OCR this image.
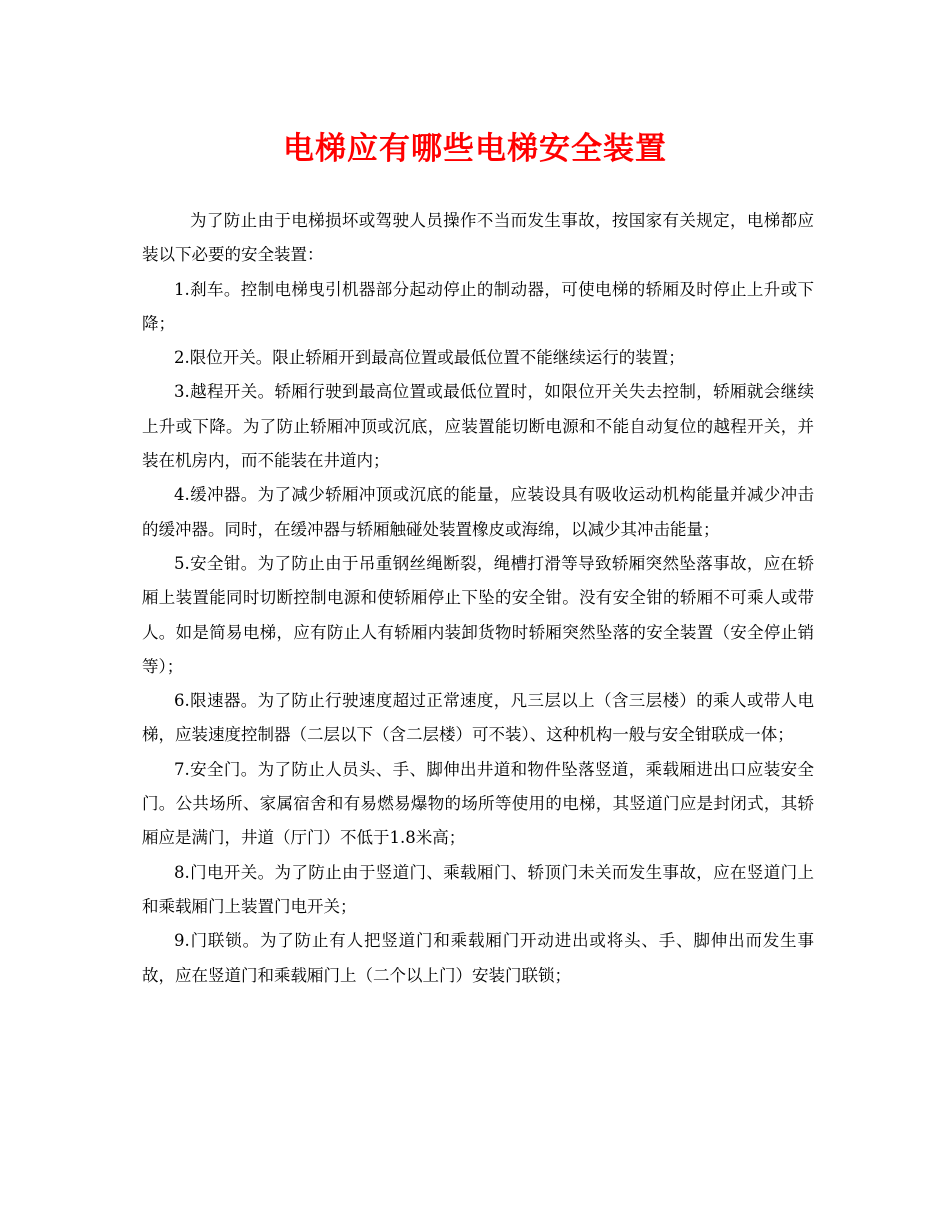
电梯应有哪些电梯安全装置

为了防止由于电梯损坏或驾驶人员操作不当而发生事故，按国家有关规定，电梯都应装以下必要的安全装置：

1.刹车。控制电梯曳引机器部分起动停止的制动器，可使电梯的轿厢及时停止上升或下降；

2.限位开关。限止轿厢开到最高位置或最低位置不能继续运行的装置；

3.越程开关。轿厢行驶到最高位置或最低位置时，如限位开关失去控制，轿厢就会继续上升或下降。为了防止轿厢冲顶或沉底，应装置能切断电源和不能自动复位的越程开关，并装在机房内，而不能装在井道内；

4.缓冲器。为了减少轿厢冲顶或沉底的能量，应装设具有吸收运动机构能量并减少冲击的缓冲器。同时，在缓冲器与轿厢触碰处装置橡皮或海绵，以减少其冲击能量；

5.安全钳。为了防止由于吊重钢丝绳断裂，绳槽打滑等导致轿厢突然坠落事故，应在轿厢上装置能同时切断控制电源和使轿厢停止下坠的安全钳。没有安全钳的轿厢不可乘人或带人。如是简易电梯，应有防止人有轿厢内装卸货物时轿厢突然坠落的安全装置（安全停止销等）；

6.限速器。为了防止行驶速度超过正常速度，凡三层以上（含三层楼）的乘人或带人电梯，应装速度控制器（二层以下（含二层楼）可不装）、这种机构一般与安全钳联成一体；

7.安全门。为了防止人员头、手、脚伸出井道和物件坠落竖道，乘载厢进出口应装安全门。公共场所、家属宿舍和有易燃易爆物的场所等使用的电梯，其竖道门应是封闭式，其轿厢应是满门，井道（厅门）不低于1.8米高；

8.门电开关。为了防止由于竖道门、乘载厢门、轿顶门未关而发生事故，应在竖道门上和乘载厢门上装置门电开关；

9.门联锁。为了防止有人把竖道门和乘载厢门开动进出或将头、手、脚伸出而发生事故，应在竖道门和乘载厢门上（二个以上门）安装门联锁；
